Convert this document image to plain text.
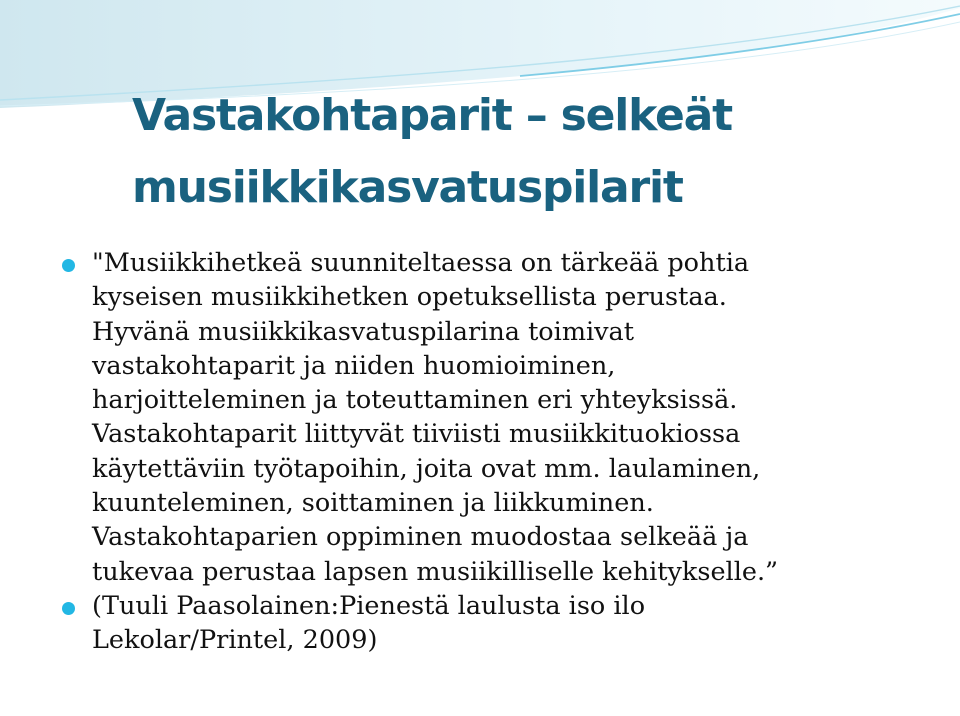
Vastakohtaparit – selkeät
musiikkikasvatuspilarit
"Musiikkihetkeä suunniteltaessa on tärkeää pohtia
kyseisen musiikkihetken opetuksellista perustaa.
Hyvänä musiikkikasvatuspilarina toimivat
vastakohtaparit ja niiden huomioiminen,
harjoitteleminen ja toteuttaminen eri yhteyksissä.
Vastakohtaparit liittyvät tiiviisti musiikkituokiossa
käytettäviin työtapoihin, joita ovat mm. laulaminen,
kuunteleminen, soittaminen ja liikkuminen.
Vastakohtaparien oppiminen muodostaa selkeää ja
tukevaa perustaa lapsen musiikilliselle kehitykselle.”
(Tuuli Paasolainen:Pienestä laulusta iso ilo
Lekolar/Printel, 2009)
